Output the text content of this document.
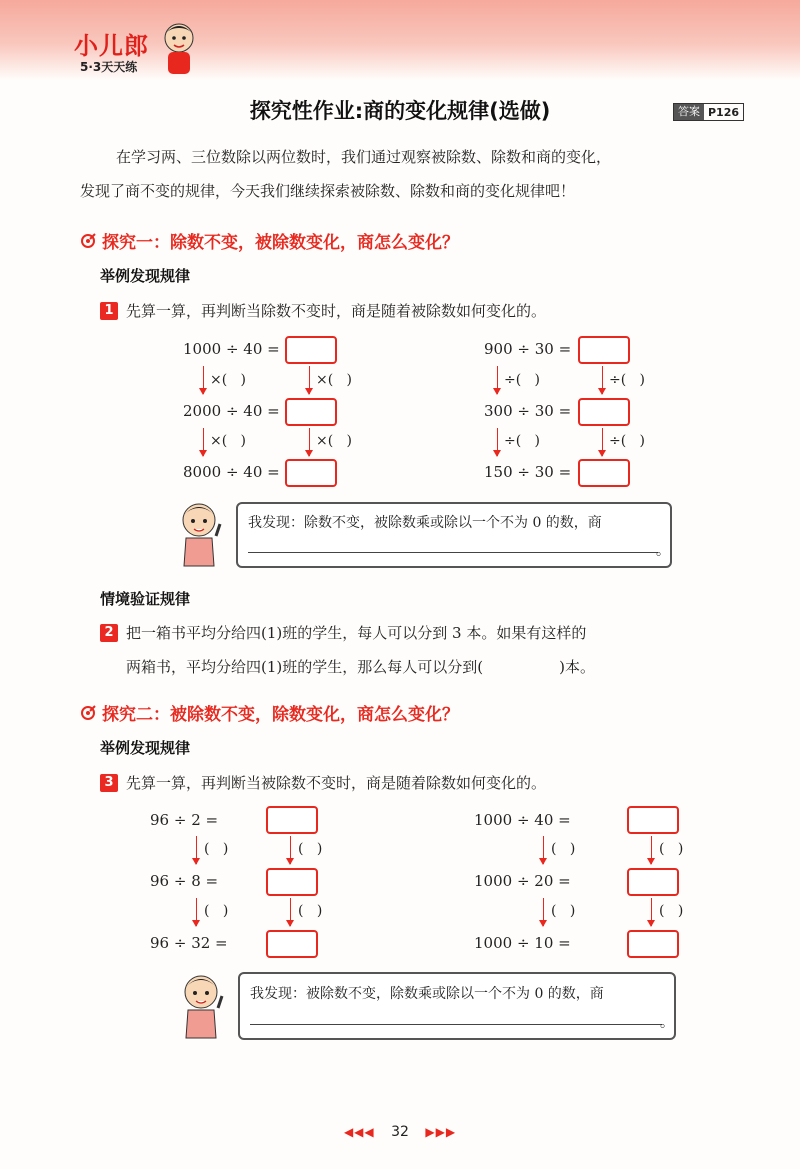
小儿郎
5·3天天练
探究性作业:商的变化规律(选做)	答案 P126
在学习两、三位数除以两位数时，我们通过观察被除数、除数和商的变化，
发现了商不变的规律，今天我们继续探索被除数、除数和商的变化规律吧！
探究一：除数不变，被除数变化，商怎么变化？
举例发现规律
1 先算一算，再判断当除数不变时，商是随着被除数如何变化的。
1000 ÷ 40 =
2000 ÷ 40 =
8000 ÷ 40 =
×(   )	×(   )
×(   )	×(   )
900 ÷ 30 =
300 ÷ 30 =
150 ÷ 30 =
÷(   )	÷(   )
÷(   )	÷(   )
我发现：除数不变，被除数乘或除以一个不为 0 的数，商
。
情境验证规律
2 把一箱书平均分给四(1)班的学生，每人可以分到 3 本。如果有这样的
两箱书，平均分给四(1)班的学生，那么每人可以分到(	)本。
探究二：被除数不变，除数变化，商怎么变化？
举例发现规律
3 先算一算，再判断当被除数不变时，商是随着除数如何变化的。
96 ÷ 2 =
96 ÷ 8 =
96 ÷ 32 =
(   )	(   )
(   )	(   )
1000 ÷ 40 =
1000 ÷ 20 =
1000 ÷ 10 =
(   )	(   )
(   )	(   )
我发现：被除数不变，除数乘或除以一个不为 0 的数，商
。
◀◀◀ 32 ▶▶▶
